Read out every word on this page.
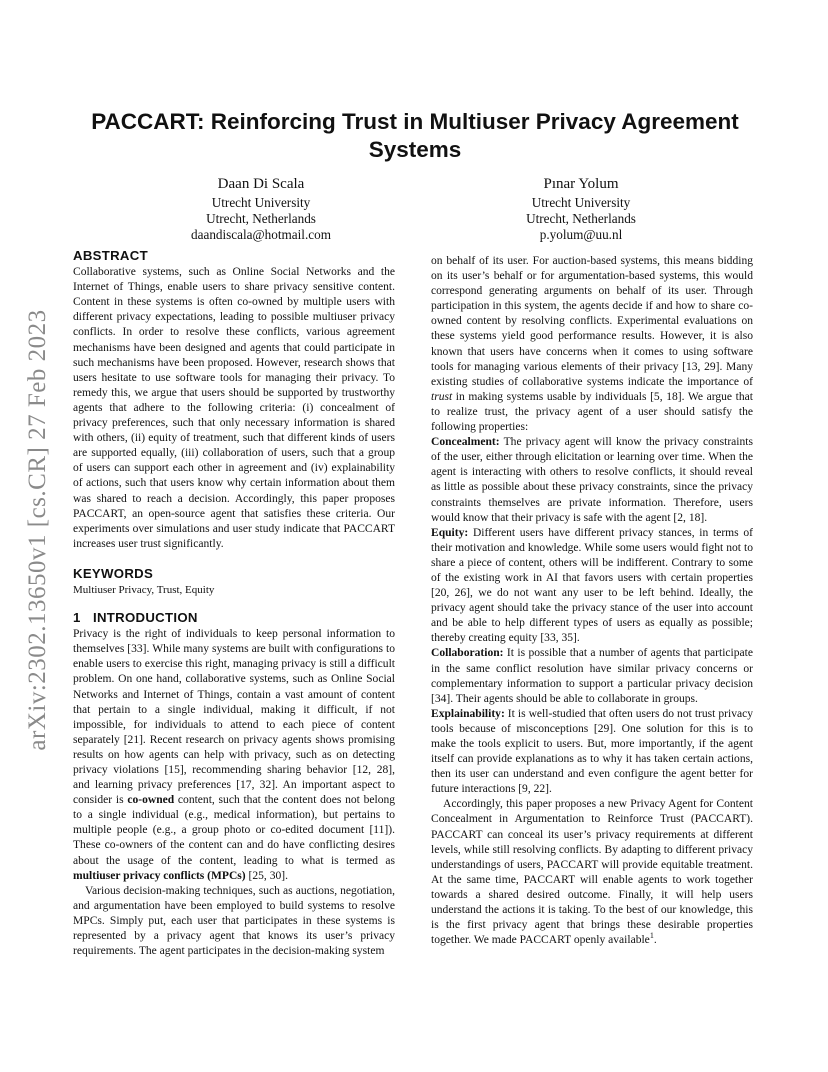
arXiv:2302.13650v1 [cs.CR] 27 Feb 2023
PACCART: Reinforcing Trust in Multiuser Privacy Agreement Systems
Daan Di Scala
Utrecht University
Utrecht, Netherlands
daandiscala@hotmail.com
Pınar Yolum
Utrecht University
Utrecht, Netherlands
p.yolum@uu.nl
ABSTRACT

Collaborative systems, such as Online Social Networks and the Internet of Things, enable users to share privacy sensitive content. Content in these systems is often co-owned by multiple users with different privacy expectations, leading to possible multiuser privacy conflicts. In order to resolve these conflicts, various agreement mechanisms have been designed and agents that could participate in such mechanisms have been proposed. However, research shows that users hesitate to use software tools for managing their privacy. To remedy this, we argue that users should be supported by trustworthy agents that adhere to the following criteria: (i) concealment of privacy preferences, such that only necessary information is shared with others, (ii) equity of treatment, such that different kinds of users are supported equally, (iii) collaboration of users, such that a group of users can support each other in agreement and (iv) explainability of actions, such that users know why certain information about them was shared to reach a decision. Accordingly, this paper proposes PACCART, an open-source agent that satisfies these criteria. Our experiments over simulations and user study indicate that PACCART increases user trust significantly.

KEYWORDS

Multiuser Privacy, Trust, Equity

1 INTRODUCTION

Privacy is the right of individuals to keep personal information to themselves [33]. While many systems are built with configurations to enable users to exercise this right, managing privacy is still a difficult problem. On one hand, collaborative systems, such as Online Social Networks and Internet of Things, contain a vast amount of content that pertain to a single individual, making it difficult, if not impossible, for individuals to attend to each piece of content separately [21]. Recent research on privacy agents shows promising results on how agents can help with privacy, such as on detecting privacy violations [15], recommending sharing behavior [12, 28], and learning privacy preferences [17, 32]. An important aspect to consider is co-owned content, such that the content does not belong to a single individual (e.g., medical information), but pertains to multiple people (e.g., a group photo or co-edited document [11]). These co-owners of the content can and do have conflicting desires about the usage of the content, leading to what is termed as multiuser privacy conflicts (MPCs) [25, 30].

Various decision-making techniques, such as auctions, negotiation, and argumentation have been employed to build systems to resolve MPCs. Simply put, each user that participates in these systems is represented by a privacy agent that knows its user’s privacy requirements. The agent participates in the decision-making system

on behalf of its user. For auction-based systems, this means bidding on its user’s behalf or for argumentation-based systems, this would correspond generating arguments on behalf of its user. Through participation in this system, the agents decide if and how to share co-owned content by resolving conflicts. Experimental evaluations on these systems yield good performance results. However, it is also known that users have concerns when it comes to using software tools for managing various elements of their privacy [13, 29]. Many existing studies of collaborative systems indicate the importance of trust in making systems usable by individuals [5, 18]. We argue that to realize trust, the privacy agent of a user should satisfy the following properties:

Concealment: The privacy agent will know the privacy constraints of the user, either through elicitation or learning over time. When the agent is interacting with others to resolve conflicts, it should reveal as little as possible about these privacy constraints, since the privacy constraints themselves are private information. Therefore, users would know that their privacy is safe with the agent [2, 18].

Equity: Different users have different privacy stances, in terms of their motivation and knowledge. While some users would fight not to share a piece of content, others will be indifferent. Contrary to some of the existing work in AI that favors users with certain properties [20, 26], we do not want any user to be left behind. Ideally, the privacy agent should take the privacy stance of the user into account and be able to help different types of users as equally as possible; thereby creating equity [33, 35].

Collaboration: It is possible that a number of agents that participate in the same conflict resolution have similar privacy concerns or complementary information to support a particular privacy decision [34]. Their agents should be able to collaborate in groups.

Explainability: It is well-studied that often users do not trust privacy tools because of misconceptions [29]. One solution for this is to make the tools explicit to users. But, more importantly, if the agent itself can provide explanations as to why it has taken certain actions, then its user can understand and even configure the agent better for future interactions [9, 22].

Accordingly, this paper proposes a new Privacy Agent for Content Concealment in Argumentation to Reinforce Trust (PACCART). PACCART can conceal its user’s privacy requirements at different levels, while still resolving conflicts. By adapting to different privacy understandings of users, PACCART will provide equitable treatment. At the same time, PACCART will enable agents to work together towards a shared desired outcome. Finally, it will help users understand the actions it is taking. To the best of our knowledge, this is the first privacy agent that brings these desirable properties together. We made PACCART openly available$^1$.
